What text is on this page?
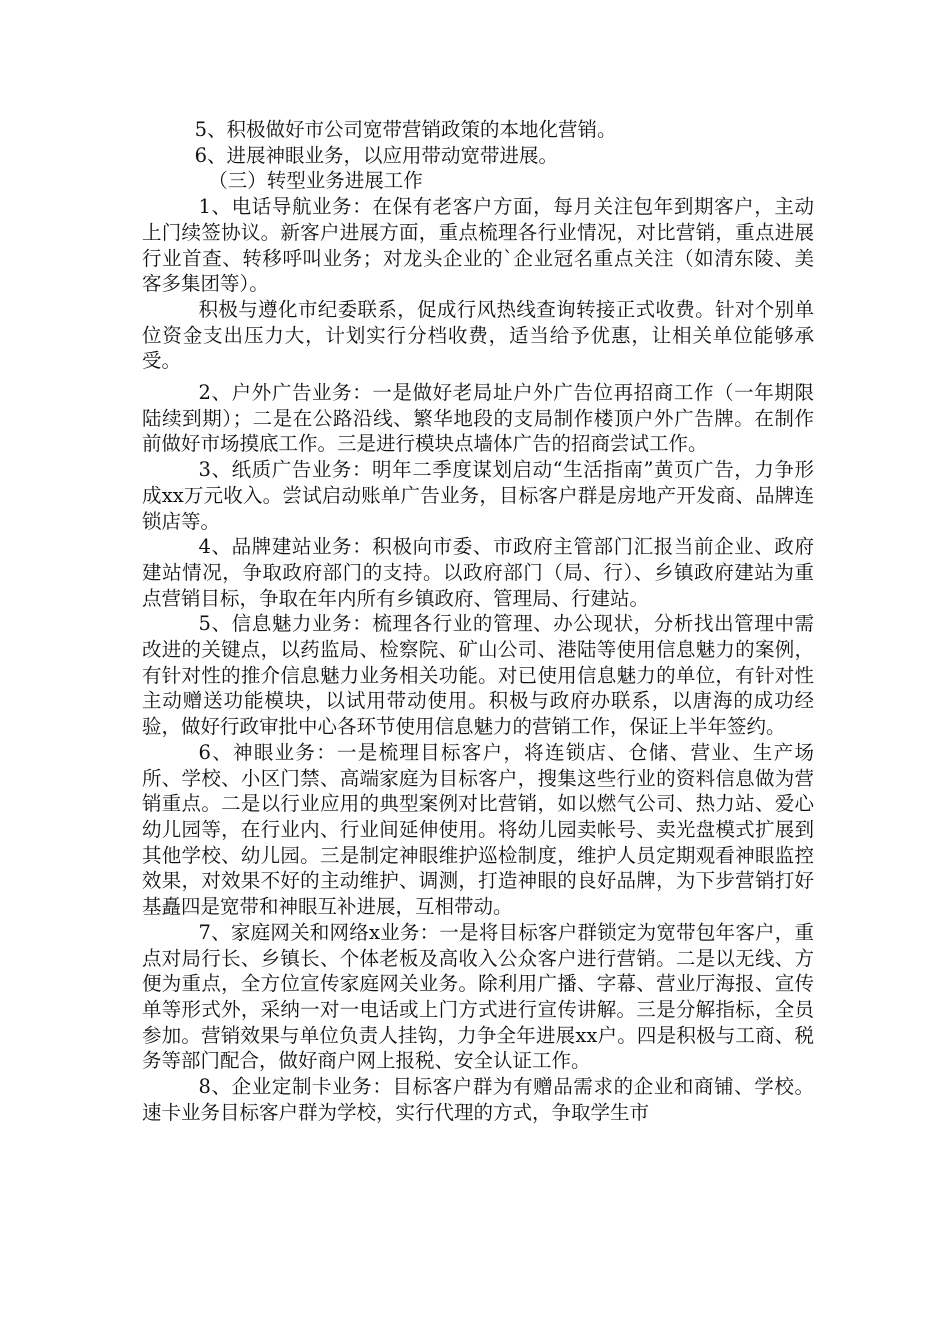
5、积极做好市公司宽带营销政策的本地化营销。

6、进展神眼业务，以应用带动宽带进展。

（三）转型业务进展工作

1、电话导航业务：在保有老客户方面，每月关注包年到期客户，主动上门续签协议。新客户进展方面，重点梳理各行业情况，对比营销，重点进展行业首查、转移呼叫业务；对龙头企业的`企业冠名重点关注（如清东陵、美客多集团等）。

积极与遵化市纪委联系，促成行风热线查询转接正式收费。针对个别单位资金支出压力大，计划实行分档收费，适当给予优惠，让相关单位能够承受。

2、户外广告业务：一是做好老局址户外广告位再招商工作（一年期限陆续到期）；二是在公路沿线、繁华地段的支局制作楼顶户外广告牌。在制作前做好市场摸底工作。三是进行模块点墙体广告的招商尝试工作。

3、纸质广告业务：明年二季度谋划启动“生活指南”黄页广告，力争形成xx万元收入。尝试启动账单广告业务，目标客户群是房地产开发商、品牌连锁店等。

4、品牌建站业务：积极向市委、市政府主管部门汇报当前企业、政府建站情况，争取政府部门的支持。以政府部门（局、行）、乡镇政府建站为重点营销目标，争取在年内所有乡镇政府、管理局、行建站。

5、信息魅力业务：梳理各行业的管理、办公现状，分析找出管理中需改进的关键点，以药监局、检察院、矿山公司、港陆等使用信息魅力的案例，有针对性的推介信息魅力业务相关功能。对已使用信息魅力的单位，有针对性主动赠送功能模块，以试用带动使用。积极与政府办联系，以唐海的成功经验，做好行政审批中心各环节使用信息魅力的营销工作，保证上半年签约。

6、神眼业务：一是梳理目标客户，将连锁店、仓储、营业、生产场所、学校、小区门禁、高端家庭为目标客户，搜集这些行业的资料信息做为营销重点。二是以行业应用的典型案例对比营销，如以燃气公司、热力站、爱心幼儿园等，在行业内、行业间延伸使用。将幼儿园卖帐号、卖光盘模式扩展到其他学校、幼儿园。三是制定神眼维护巡检制度，维护人员定期观看神眼监控效果，对效果不好的主动维护、调测，打造神眼的良好品牌，为下步营销打好基矗四是宽带和神眼互补进展，互相带动。

7、家庭网关和网络x业务：一是将目标客户群锁定为宽带包年客户，重点对局行长、乡镇长、个体老板及高收入公众客户进行营销。二是以无线、方便为重点，全方位宣传家庭网关业务。除利用广播、字幕、营业厅海报、宣传单等形式外，采纳一对一电话或上门方式进行宣传讲解。三是分解指标，全员参加。营销效果与单位负责人挂钩，力争全年进展xx户。四是积极与工商、税务等部门配合，做好商户网上报税、安全认证工作。

8、企业定制卡业务：目标客户群为有赠品需求的企业和商铺、学校。速卡业务目标客户群为学校，实行代理的方式，争取学生市
